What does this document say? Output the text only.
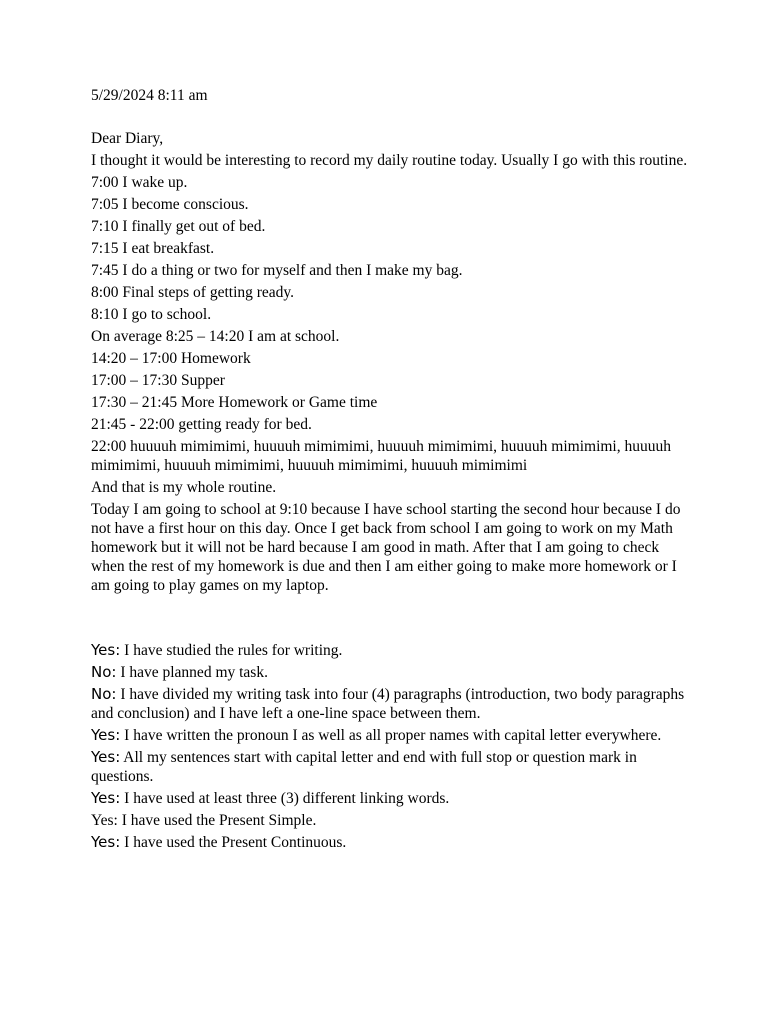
5/29/2024 8:11 am

Dear Diary,

I thought it would be interesting to record my daily routine today. Usually I go with this routine.

7:00 I wake up.

7:05 I become conscious.

7:10 I finally get out of bed.

7:15 I eat breakfast.

7:45 I do a thing or two for myself and then I make my bag.

8:00 Final steps of getting ready.

8:10 I go to school.

On average 8:25 – 14:20 I am at school.

14:20 – 17:00 Homework

17:00 – 17:30 Supper

17:30 – 21:45 More Homework or Game time

21:45 - 22:00 getting ready for bed.

22:00 huuuuh mimimimi, huuuuh mimimimi, huuuuh mimimimi, huuuuh mimimimi, huuuuh mimimimi, huuuuh mimimimi, huuuuh mimimimi, huuuuh mimimimi

And that is my whole routine.

Today I am going to school at 9:10 because I have school starting the second hour because I do not have a first hour on this day. Once I get back from school I am going to work on my Math homework but it will not be hard because I am good in math. After that I am going to check when the rest of my homework is due and then I am either going to make more homework or I am going to play games on my laptop.

Yes: I have studied the rules for writing.

No: I have planned my task.

No: I have divided my writing task into four (4) paragraphs (introduction, two body paragraphs and conclusion) and I have left a one-line space between them.

Yes: I have written the pronoun I as well as all proper names with capital letter everywhere.

Yes: All my sentences start with capital letter and end with full stop or question mark in questions.

Yes: I have used at least three (3) different linking words.

Yes: I have used the Present Simple.

Yes: I have used the Present Continuous.
